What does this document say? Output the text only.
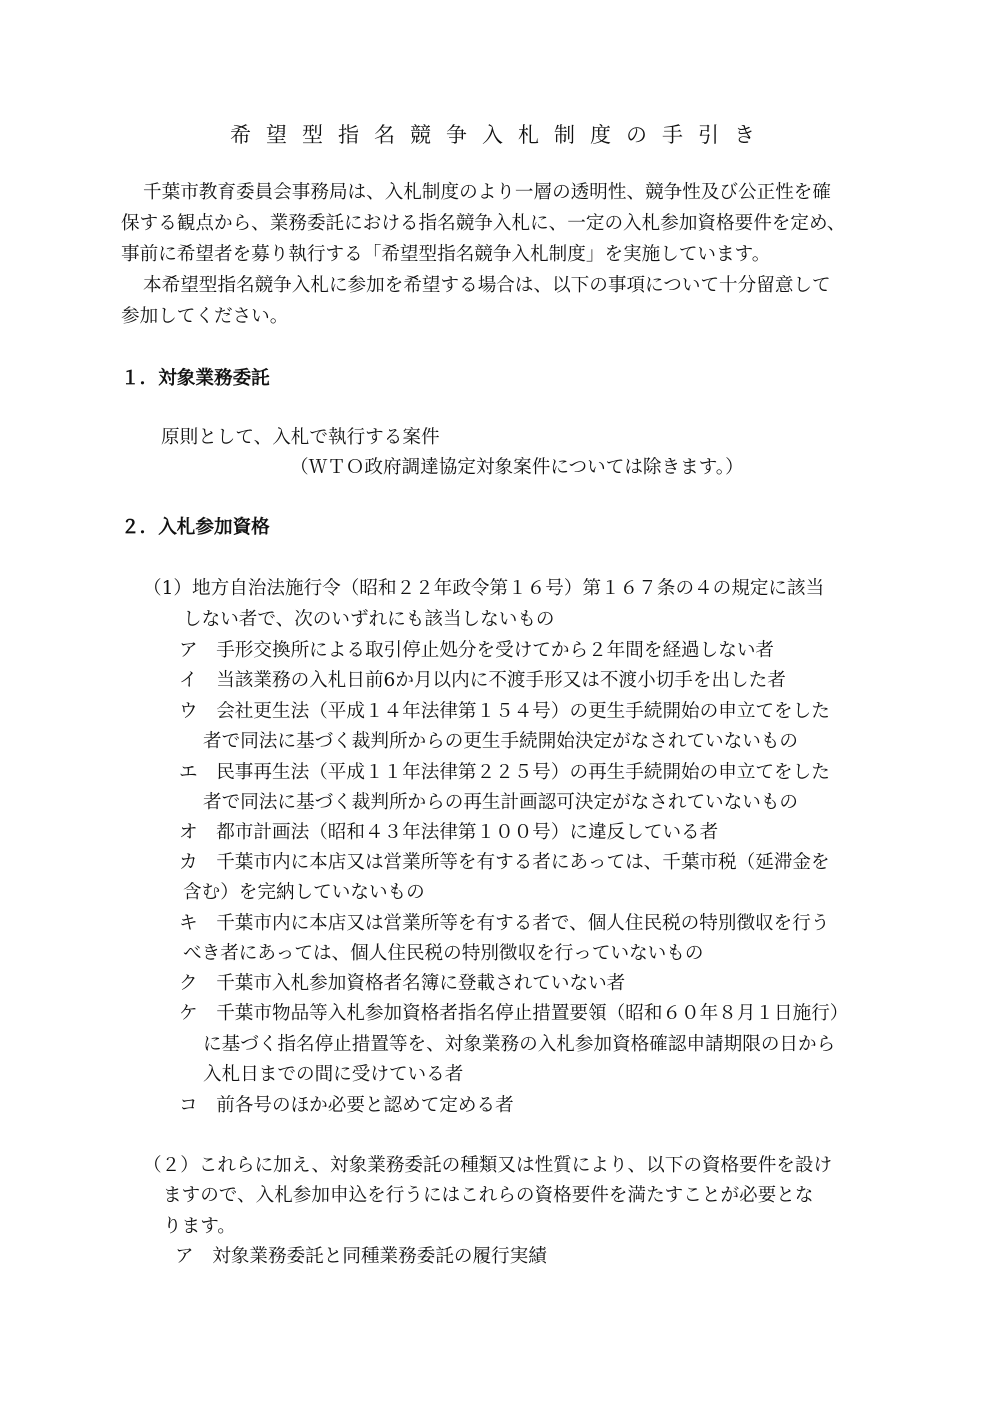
希望型指名競争入札制度の手引き
千葉市教育委員会事務局は、入札制度のより一層の透明性、競争性及び公正性を確
保する観点から、業務委託における指名競争入札に、一定の入札参加資格要件を定め、
事前に希望者を募り執行する「希望型指名競争入札制度」を実施しています。
本希望型指名競争入札に参加を希望する場合は、以下の事項について十分留意して
参加してください。
１．対象業務委託
原則として、入札で執行する案件
（ＷＴＯ政府調達協定対象案件については除きます。）
２．入札参加資格
（1）地方自治法施行令（昭和２２年政令第１６号）第１６７条の４の規定に該当
しない者で、次のいずれにも該当しないもの
ア　手形交換所による取引停止処分を受けてから２年間を経過しない者
イ　当該業務の入札日前6か月以内に不渡手形又は不渡小切手を出した者
ウ　会社更生法（平成１４年法律第１５４号）の更生手続開始の申立てをした
者で同法に基づく裁判所からの更生手続開始決定がなされていないもの
エ　民事再生法（平成１１年法律第２２５号）の再生手続開始の申立てをした
者で同法に基づく裁判所からの再生計画認可決定がなされていないもの
オ　都市計画法（昭和４３年法律第１００号）に違反している者
カ　千葉市内に本店又は営業所等を有する者にあっては、千葉市税（延滞金を
含む）を完納していないもの
キ　千葉市内に本店又は営業所等を有する者で、個人住民税の特別徴収を行う
べき者にあっては、個人住民税の特別徴収を行っていないもの
ク　千葉市入札参加資格者名簿に登載されていない者
ケ　千葉市物品等入札参加資格者指名停止措置要領（昭和６０年８月１日施行）
に基づく指名停止措置等を、対象業務の入札参加資格確認申請期限の日から
入札日までの間に受けている者
コ　前各号のほか必要と認めて定める者
（２）これらに加え、対象業務委託の種類又は性質により、以下の資格要件を設け
ますので、入札参加申込を行うにはこれらの資格要件を満たすことが必要とな
ります。
ア　対象業務委託と同種業務委託の履行実績
